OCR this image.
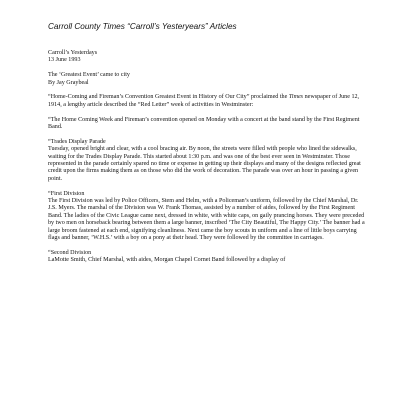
Carroll County Times “Carroll’s Yesteryears” Articles
Carroll’s Yesterdays
13 June 1993
The ‘Greatest Event’ came to city
By Jay Graybeal

“Home-Coming and Fireman’s Convention Greatest Event in History of Our City” proclaimed the Times newspaper of June 12, 1914, a lengthy article described the “Red Letter” week of activities in Westminster:

“The Home Coming Week and Fireman’s convention opened on Monday with a concert at the band stand by the First Regiment Band.

“Trades Display Parade
Tuesday, opened bright and clear, with a cool bracing air. By noon, the streets were filled with people who lined the sidewalks, waiting for the Trades Display Parade. This started about 1:30 p.m. and was one of the best ever seen in Westminster. Those represented in the parade certainly spared no time or expense in getting up their displays and many of the designs reflected great credit upon the firms making them as on those who did the work of decoration. The parade was over an hour in passing a given point.

“First Division
The First Division was led by Police Officers, Stem and Helm, with a Policeman’s uniform, followed by the Chief Marshal, Dr. J.S. Myers. The marshal of the Division was W. Frank Thomas, assisted by a number of aides, followed by the First Regiment Band. The ladies of the Civic League came next, dressed in white, with white caps, on gaily prancing horses. They were preceded by two men on horseback bearing between them a large banner, inscribed ‘The City Beautiful, The Happy City.’ The banner had a large broom fastened at each end, signifying cleanliness. Next came the boy scouts in uniform and a line of little boys carrying flags and banner, ‘W.H.S.’ with a boy on a pony at their head. They were followed by the committee in carriages.

“Second Division
LaMotte Smith, Chief Marshal, with aides, Morgan Chapel Cornet Band followed by a display of
